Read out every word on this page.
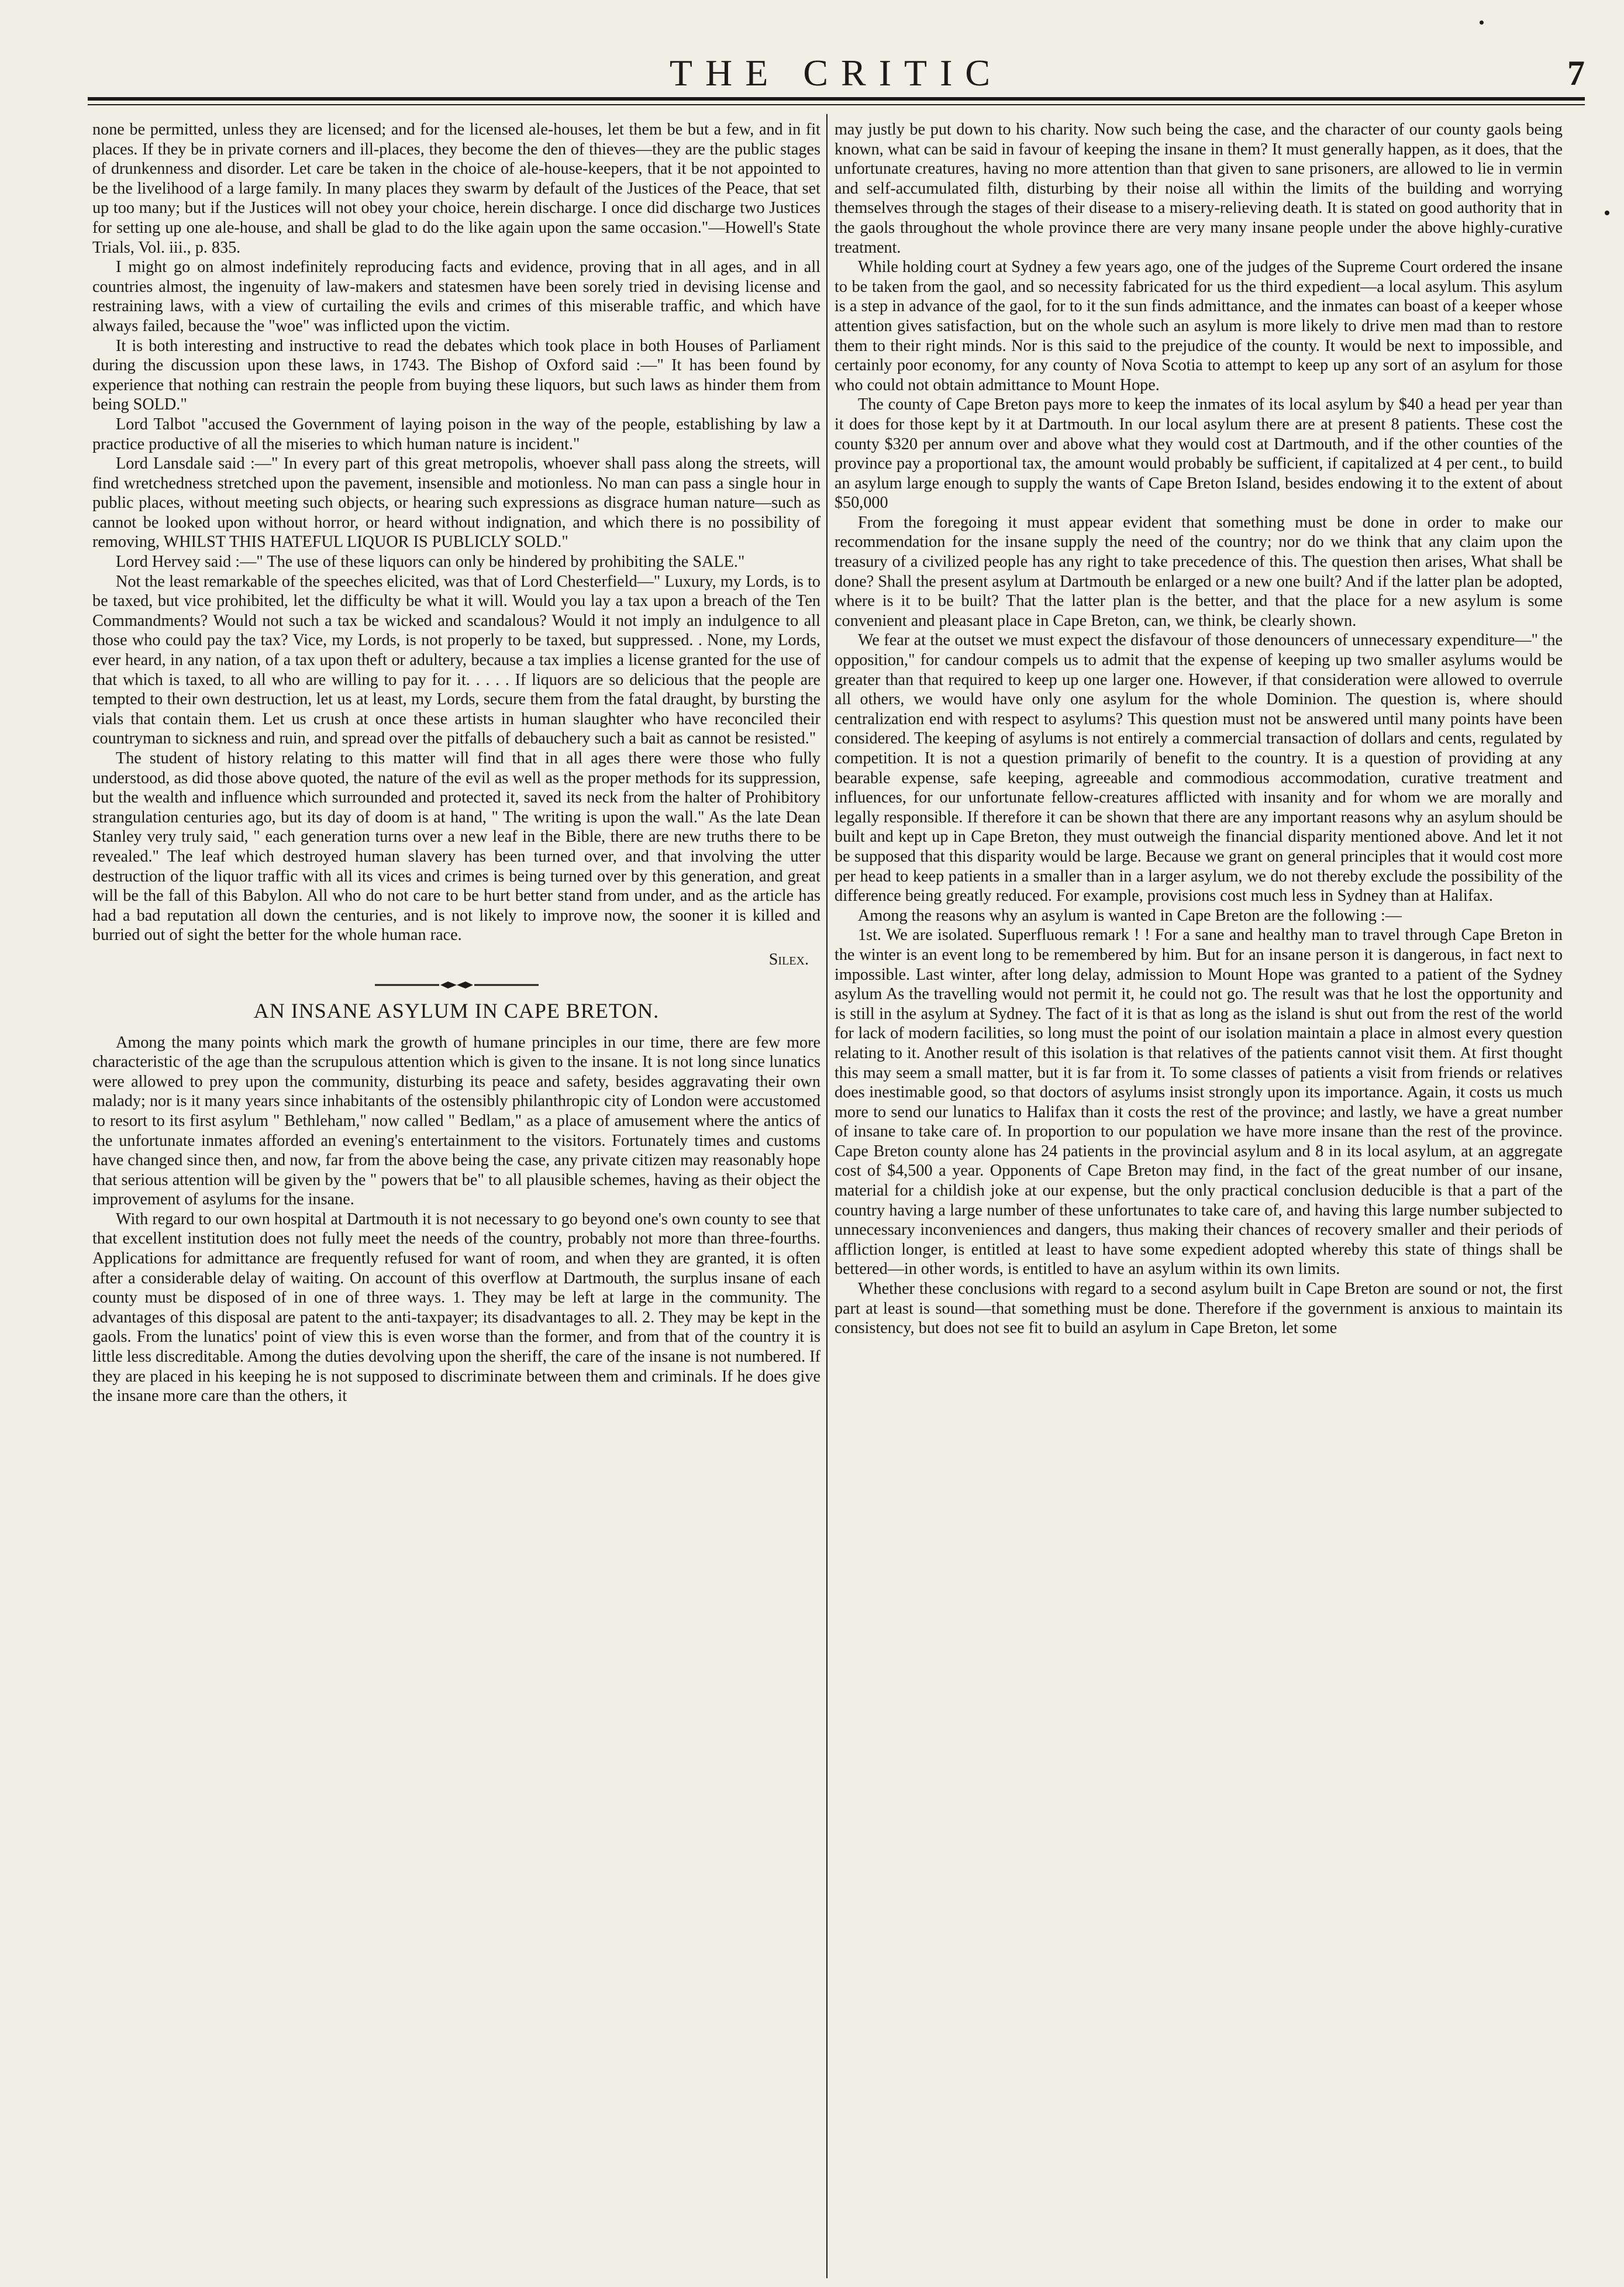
THE CRITIC	7

none be permitted, unless they are licensed; and for the licensed ale-houses, let them be but a few, and in fit places. If they be in private corners and ill-places, they become the den of thieves—they are the public stages of drunkenness and disorder. Let care be taken in the choice of ale-house-keepers, that it be not appointed to be the livelihood of a large family. In many places they swarm by default of the Justices of the Peace, that set up too many; but if the Justices will not obey your choice, herein discharge. I once did discharge two Justices for setting up one ale-house, and shall be glad to do the like again upon the same occasion."—Howell's State Trials, Vol. iii., p. 835.

I might go on almost indefinitely reproducing facts and evidence, proving that in all ages, and in all countries almost, the ingenuity of law-makers and statesmen have been sorely tried in devising license and restraining laws, with a view of curtailing the evils and crimes of this miserable traffic, and which have always failed, because the "woe" was inflicted upon the victim.

It is both interesting and instructive to read the debates which took place in both Houses of Parliament during the discussion upon these laws, in 1743. The Bishop of Oxford said :—" It has been found by experience that nothing can restrain the people from buying these liquors, but such laws as hinder them from being SOLD."

Lord Talbot "accused the Government of laying poison in the way of the people, establishing by law a practice productive of all the miseries to which human nature is incident."

Lord Lansdale said :—" In every part of this great metropolis, whoever shall pass along the streets, will find wretchedness stretched upon the pavement, insensible and motionless. No man can pass a single hour in public places, without meeting such objects, or hearing such expressions as disgrace human nature—such as cannot be looked upon without horror, or heard without indignation, and which there is no possibility of removing, WHILST THIS HATEFUL LIQUOR IS PUBLICLY SOLD."

Lord Hervey said :—" The use of these liquors can only be hindered by prohibiting the SALE."

Not the least remarkable of the speeches elicited, was that of Lord Chesterfield—" Luxury, my Lords, is to be taxed, but vice prohibited, let the difficulty be what it will. Would you lay a tax upon a breach of the Ten Commandments? Would not such a tax be wicked and scandalous? Would it not imply an indulgence to all those who could pay the tax? Vice, my Lords, is not properly to be taxed, but suppressed. . None, my Lords, ever heard, in any nation, of a tax upon theft or adultery, because a tax implies a license granted for the use of that which is taxed, to all who are willing to pay for it. . . . . If liquors are so delicious that the people are tempted to their own destruction, let us at least, my Lords, secure them from the fatal draught, by bursting the vials that contain them. Let us crush at once these artists in human slaughter who have reconciled their countryman to sickness and ruin, and spread over the pitfalls of debauchery such a bait as cannot be resisted."

The student of history relating to this matter will find that in all ages there were those who fully understood, as did those above quoted, the nature of the evil as well as the proper methods for its suppression, but the wealth and influence which surrounded and protected it, saved its neck from the halter of Prohibitory strangulation centuries ago, but its day of doom is at hand, " The writing is upon the wall." As the late Dean Stanley very truly said, " each generation turns over a new leaf in the Bible, there are new truths there to be revealed." The leaf which destroyed human slavery has been turned over, and that involving the utter destruction of the liquor traffic with all its vices and crimes is being turned over by this generation, and great will be the fall of this Babylon. All who do not care to be hurt better stand from under, and as the article has had a bad reputation all down the centuries, and is not likely to improve now, the sooner it is killed and burried out of sight the better for the whole human race.

Silex.
AN INSANE ASYLUM IN CAPE BRETON.

Among the many points which mark the growth of humane principles in our time, there are few more characteristic of the age than the scrupulous attention which is given to the insane. It is not long since lunatics were allowed to prey upon the community, disturbing its peace and safety, besides aggravating their own malady; nor is it many years since inhabitants of the ostensibly philanthropic city of London were accustomed to resort to its first asylum " Bethleham," now called " Bedlam," as a place of amusement where the antics of the unfortunate inmates afforded an evening's entertainment to the visitors. Fortunately times and customs have changed since then, and now, far from the above being the case, any private citizen may reasonably hope that serious attention will be given by the " powers that be" to all plausible schemes, having as their object the improvement of asylums for the insane.

With regard to our own hospital at Dartmouth it is not necessary to go beyond one's own county to see that that excellent institution does not fully meet the needs of the country, probably not more than three-fourths. Applications for admittance are frequently refused for want of room, and when they are granted, it is often after a considerable delay of waiting. On account of this overflow at Dartmouth, the surplus insane of each county must be disposed of in one of three ways. 1. They may be left at large in the community. The advantages of this disposal are patent to the anti-taxpayer; its disadvantages to all. 2. They may be kept in the gaols. From the lunatics' point of view this is even worse than the former, and from that of the country it is little less discreditable. Among the duties devolving upon the sheriff, the care of the insane is not numbered. If they are placed in his keeping he is not supposed to discriminate between them and criminals. If he does give the insane more care than the others, it

may justly be put down to his charity. Now such being the case, and the character of our county gaols being known, what can be said in favour of keeping the insane in them? It must generally happen, as it does, that the unfortunate creatures, having no more attention than that given to sane prisoners, are allowed to lie in vermin and self-accumulated filth, disturbing by their noise all within the limits of the building and worrying themselves through the stages of their disease to a misery-relieving death. It is stated on good authority that in the gaols throughout the whole province there are very many insane people under the above highly-curative treatment.

While holding court at Sydney a few years ago, one of the judges of the Supreme Court ordered the insane to be taken from the gaol, and so necessity fabricated for us the third expedient—a local asylum. This asylum is a step in advance of the gaol, for to it the sun finds admittance, and the inmates can boast of a keeper whose attention gives satisfaction, but on the whole such an asylum is more likely to drive men mad than to restore them to their right minds. Nor is this said to the prejudice of the county. It would be next to impossible, and certainly poor economy, for any county of Nova Scotia to attempt to keep up any sort of an asylum for those who could not obtain admittance to Mount Hope.

The county of Cape Breton pays more to keep the inmates of its local asylum by $40 a head per year than it does for those kept by it at Dartmouth. In our local asylum there are at present 8 patients. These cost the county $320 per annum over and above what they would cost at Dartmouth, and if the other counties of the province pay a proportional tax, the amount would probably be sufficient, if capitalized at 4 per cent., to build an asylum large enough to supply the wants of Cape Breton Island, besides endowing it to the extent of about $50,000

From the foregoing it must appear evident that something must be done in order to make our recommendation for the insane supply the need of the country; nor do we think that any claim upon the treasury of a civilized people has any right to take precedence of this. The question then arises, What shall be done? Shall the present asylum at Dartmouth be enlarged or a new one built? And if the latter plan be adopted, where is it to be built? That the latter plan is the better, and that the place for a new asylum is some convenient and pleasant place in Cape Breton, can, we think, be clearly shown.

We fear at the outset we must expect the disfavour of those denouncers of unnecessary expenditure—" the opposition," for candour compels us to admit that the expense of keeping up two smaller asylums would be greater than that required to keep up one larger one. However, if that consideration were allowed to overrule all others, we would have only one asylum for the whole Dominion. The question is, where should centralization end with respect to asylums? This question must not be answered until many points have been considered. The keeping of asylums is not entirely a commercial transaction of dollars and cents, regulated by competition. It is not a question primarily of benefit to the country. It is a question of providing at any bearable expense, safe keeping, agreeable and commodious accommodation, curative treatment and influences, for our unfortunate fellow-creatures afflicted with insanity and for whom we are morally and legally responsible. If therefore it can be shown that there are any important reasons why an asylum should be built and kept up in Cape Breton, they must outweigh the financial disparity mentioned above. And let it not be supposed that this disparity would be large. Because we grant on general principles that it would cost more per head to keep patients in a smaller than in a larger asylum, we do not thereby exclude the possibility of the difference being greatly reduced. For example, provisions cost much less in Sydney than at Halifax.

Among the reasons why an asylum is wanted in Cape Breton are the following :—

1st. We are isolated. Superfluous remark ! ! For a sane and healthy man to travel through Cape Breton in the winter is an event long to be remembered by him. But for an insane person it is dangerous, in fact next to impossible. Last winter, after long delay, admission to Mount Hope was granted to a patient of the Sydney asylum As the travelling would not permit it, he could not go. The result was that he lost the opportunity and is still in the asylum at Sydney. The fact of it is that as long as the island is shut out from the rest of the world for lack of modern facilities, so long must the point of our isolation maintain a place in almost every question relating to it. Another result of this isolation is that relatives of the patients cannot visit them. At first thought this may seem a small matter, but it is far from it. To some classes of patients a visit from friends or relatives does inestimable good, so that doctors of asylums insist strongly upon its importance. Again, it costs us much more to send our lunatics to Halifax than it costs the rest of the province; and lastly, we have a great number of insane to take care of. In proportion to our population we have more insane than the rest of the province. Cape Breton county alone has 24 patients in the provincial asylum and 8 in its local asylum, at an aggregate cost of $4,500 a year. Opponents of Cape Breton may find, in the fact of the great number of our insane, material for a childish joke at our expense, but the only practical conclusion deducible is that a part of the country having a large number of these unfortunates to take care of, and having this large number subjected to unnecessary inconveniences and dangers, thus making their chances of recovery smaller and their periods of affliction longer, is entitled at least to have some expedient adopted whereby this state of things shall be bettered—in other words, is entitled to have an asylum within its own limits.

Whether these conclusions with regard to a second asylum built in Cape Breton are sound or not, the first part at least is sound—that something must be done. Therefore if the government is anxious to maintain its consistency, but does not see fit to build an asylum in Cape Breton, let some
